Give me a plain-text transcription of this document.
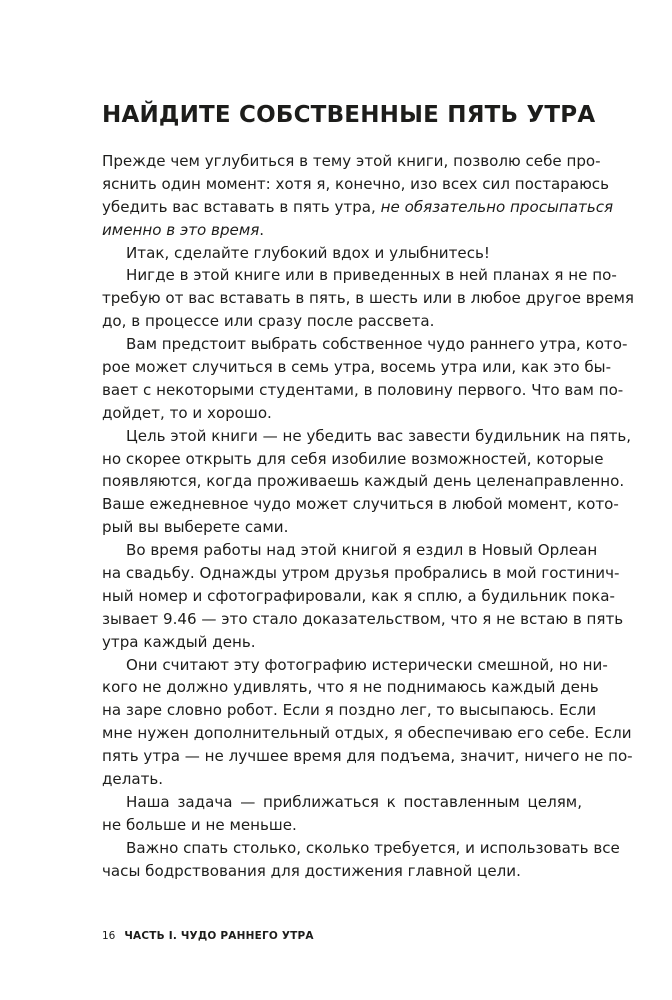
НАЙДИТЕ СОБСТВЕННЫЕ ПЯТЬ УТРА
Прежде чем углубиться в тему этой книги, позволю себе про-
яснить один момент: хотя я, конечно, изо всех сил постараюсь
убедить вас вставать в пять утра, не обязательно просыпаться
именно в это время.
Итак, сделайте глубокий вдох и улыбнитесь!
Нигде в этой книге или в приведенных в ней планах я не по-
требую от вас вставать в пять, в шесть или в любое другое время
до, в процессе или сразу после рассвета.
Вам предстоит выбрать собственное чудо раннего утра, кото-
рое может случиться в семь утра, восемь утра или, как это бы-
вает с некоторыми студентами, в половину первого. Что вам по-
дойдет, то и хорошо.
Цель этой книги — не убедить вас завести будильник на пять,
но скорее открыть для себя изобилие возможностей, которые
появляются, когда проживаешь каждый день целенаправленно.
Ваше ежедневное чудо может случиться в любой момент, кото-
рый вы выберете сами.
Во время работы над этой книгой я ездил в Новый Орлеан
на свадьбу. Однажды утром друзья пробрались в мой гостинич-
ный номер и сфотографировали, как я сплю, а будильник пока-
зывает 9.46 — это стало доказательством, что я не встаю в пять
утра каждый день.
Они считают эту фотографию истерически смешной, но ни-
кого не должно удивлять, что я не поднимаюсь каждый день
на заре словно робот. Если я поздно лег, то высыпаюсь. Если
мне нужен дополнительный отдых, я обеспечиваю его себе. Если
пять утра — не лучшее время для подъема, значит, ничего не по-
делать.
Наша задача — приближаться к поставленным целям,
не больше и не меньше.
Важно спать столько, сколько требуется, и использовать все
часы бодрствования для достижения главной цели.
16 ЧАСТЬ I. ЧУДО РАННЕГО УТРА
